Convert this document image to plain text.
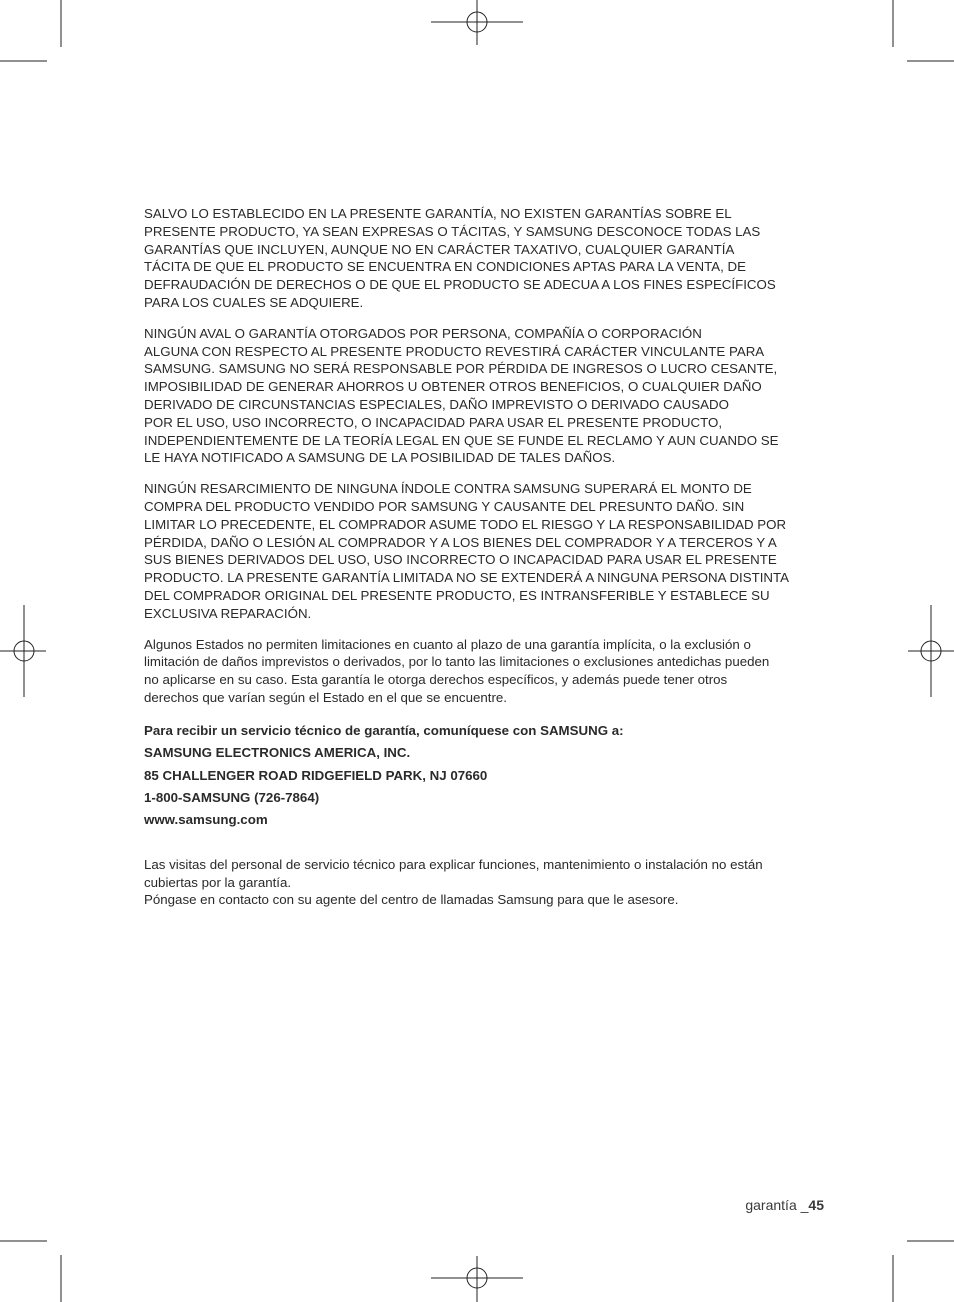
SALVO LO ESTABLECIDO EN LA PRESENTE GARANTÍA, NO EXISTEN GARANTÍAS SOBRE EL
PRESENTE PRODUCTO, YA SEAN EXPRESAS O TÁCITAS, Y SAMSUNG DESCONOCE TODAS LAS
GARANTÍAS QUE INCLUYEN, AUNQUE NO EN CARÁCTER TAXATIVO, CUALQUIER GARANTÍA
TÁCITA DE QUE EL PRODUCTO SE ENCUENTRA EN CONDICIONES APTAS PARA LA VENTA, DE
DEFRAUDACIÓN DE DERECHOS O DE QUE EL PRODUCTO SE ADECUA A LOS FINES ESPECÍFICOS
PARA LOS CUALES SE ADQUIERE.

NINGÚN AVAL O GARANTÍA OTORGADOS POR PERSONA, COMPAÑÍA O CORPORACIÓN
ALGUNA CON RESPECTO AL PRESENTE PRODUCTO REVESTIRÁ CARÁCTER VINCULANTE PARA
SAMSUNG. SAMSUNG NO SERÁ RESPONSABLE POR PÉRDIDA DE INGRESOS O LUCRO CESANTE,
IMPOSIBILIDAD DE GENERAR AHORROS U OBTENER OTROS BENEFICIOS, O CUALQUIER DAÑO
DERIVADO DE CIRCUNSTANCIAS ESPECIALES, DAÑO IMPREVISTO O DERIVADO CAUSADO
POR EL USO, USO INCORRECTO, O INCAPACIDAD PARA USAR EL PRESENTE PRODUCTO,
INDEPENDIENTEMENTE DE LA TEORÍA LEGAL EN QUE SE FUNDE EL RECLAMO Y AUN CUANDO SE
LE HAYA NOTIFICADO A SAMSUNG DE LA POSIBILIDAD DE TALES DAÑOS.

NINGÚN RESARCIMIENTO DE NINGUNA ÍNDOLE CONTRA SAMSUNG SUPERARÁ EL MONTO DE
COMPRA DEL PRODUCTO VENDIDO POR SAMSUNG Y CAUSANTE DEL PRESUNTO DAÑO. SIN
LIMITAR LO PRECEDENTE, EL COMPRADOR ASUME TODO EL RIESGO Y LA RESPONSABILIDAD POR
PÉRDIDA, DAÑO O LESIÓN AL COMPRADOR Y A LOS BIENES DEL COMPRADOR Y A TERCEROS Y A
SUS BIENES DERIVADOS DEL USO, USO INCORRECTO O INCAPACIDAD PARA USAR EL PRESENTE
PRODUCTO. LA PRESENTE GARANTÍA LIMITADA NO SE EXTENDERÁ A NINGUNA PERSONA DISTINTA
DEL COMPRADOR ORIGINAL DEL PRESENTE PRODUCTO, ES INTRANSFERIBLE Y ESTABLECE SU
EXCLUSIVA REPARACIÓN.

Algunos Estados no permiten limitaciones en cuanto al plazo de una garantía implícita, o la exclusión o
limitación de daños imprevistos o derivados, por lo tanto las limitaciones o exclusiones antedichas pueden
no aplicarse en su caso. Esta garantía le otorga derechos específicos, y además puede tener otros
derechos que varían según el Estado en el que se encuentre.

Para recibir un servicio técnico de garantía, comuníquese con SAMSUNG a:
SAMSUNG ELECTRONICS AMERICA, INC.
85 CHALLENGER ROAD RIDGEFIELD PARK, NJ 07660
1-800-SAMSUNG (726-7864)
www.samsung.com
Las visitas del personal de servicio técnico para explicar funciones, mantenimiento o instalación no están
cubiertas por la garantía.
Póngase en contacto con su agente del centro de llamadas Samsung para que le asesore.
garantía _45
